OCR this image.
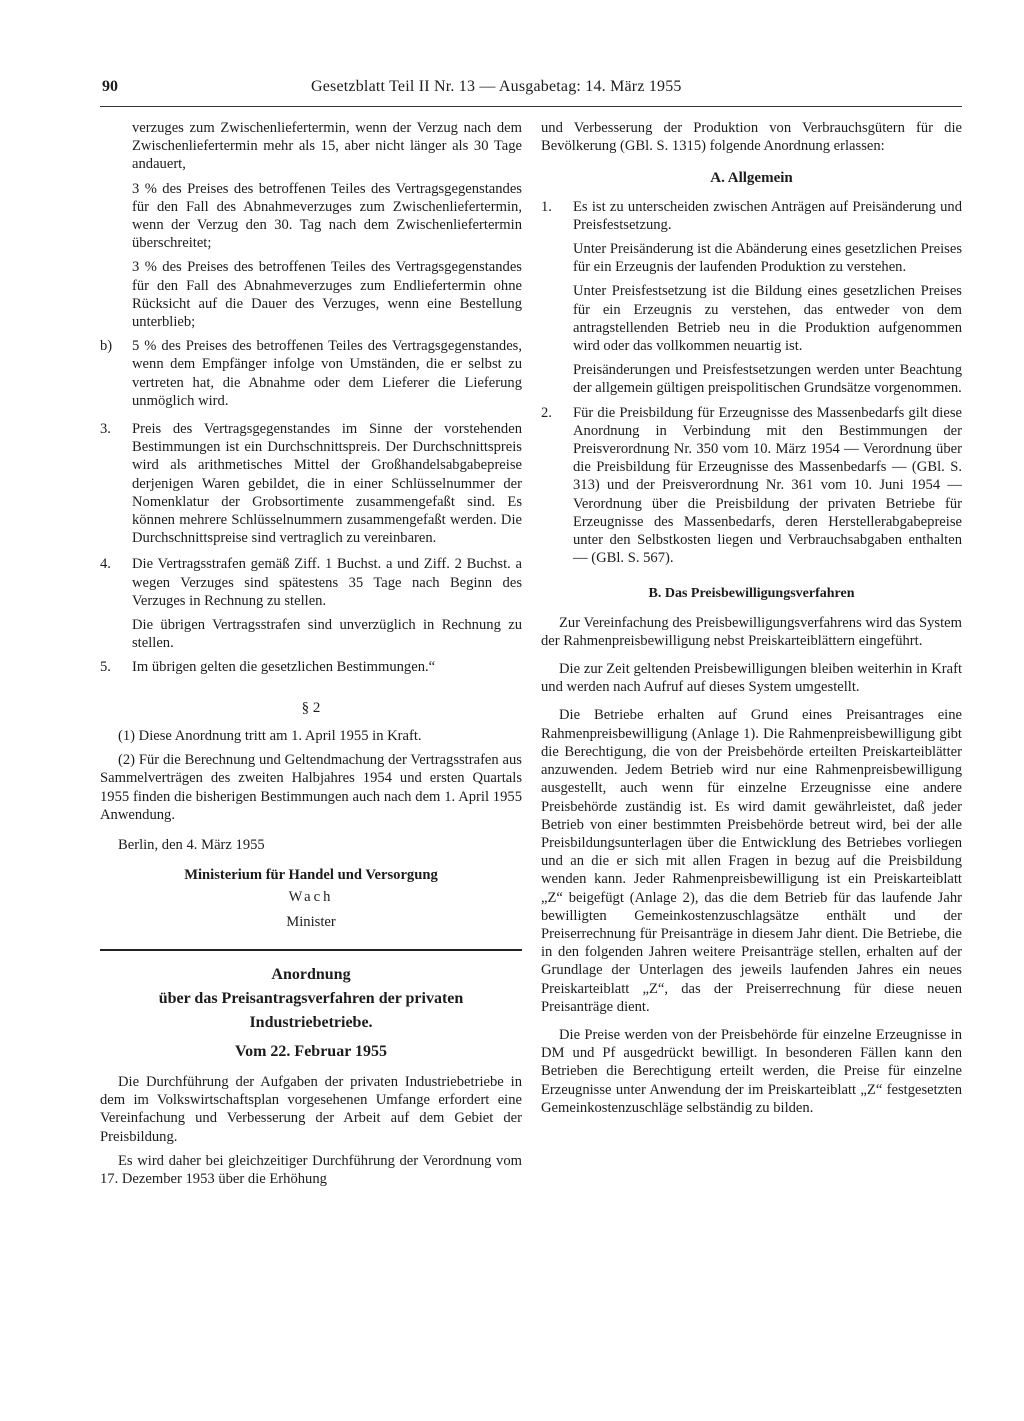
90	Gesetzblatt Teil II Nr. 13 — Ausgabetag: 14. März 1955

verzuges zum Zwischenliefertermin, wenn der Verzug nach dem Zwischenliefertermin mehr als 15, aber nicht länger als 30 Tage andauert,

3 % des Preises des betroffenen Teiles des Vertragsgegenstandes für den Fall des Abnahmeverzuges zum Zwischenliefertermin, wenn der Verzug den 30. Tag nach dem Zwischenliefertermin überschreitet;

3 % des Preises des betroffenen Teiles des Vertragsgegenstandes für den Fall des Abnahmeverzuges zum Endliefertermin ohne Rücksicht auf die Dauer des Verzuges, wenn eine Bestellung unterblieb;

b)	5 % des Preises des betroffenen Teiles des Vertragsgegenstandes, wenn dem Empfänger infolge von Umständen, die er selbst zu vertreten hat, die Abnahme oder dem Lieferer die Lieferung unmöglich wird.
3.	Preis des Vertragsgegenstandes im Sinne der vorstehenden Bestimmungen ist ein Durchschnittspreis. Der Durchschnittspreis wird als arithmetisches Mittel der Großhandelsabgabepreise derjenigen Waren gebildet, die in einer Schlüsselnummer der Nomenklatur der Grobsortimente zusammengefaßt sind. Es können mehrere Schlüsselnummern zusammengefaßt werden. Die Durchschnittspreise sind vertraglich zu vereinbaren.
4.	Die Vertragsstrafen gemäß Ziff. 1 Buchst. a und Ziff. 2 Buchst. a wegen Verzuges sind spätestens 35 Tage nach Beginn des Verzuges in Rechnung zu stellen.

Die übrigen Vertragsstrafen sind unverzüglich in Rechnung zu stellen.

5.	Im übrigen gelten die gesetzlichen Bestimmungen.“
§ 2

(1) Diese Anordnung tritt am 1. April 1955 in Kraft.

(2) Für die Berechnung und Geltendmachung der Vertragsstrafen aus Sammelverträgen des zweiten Halbjahres 1954 und ersten Quartals 1955 finden die bisherigen Bestimmungen auch nach dem 1. April 1955 Anwendung.

Berlin, den 4. März 1955

Ministerium für Handel und Versorgung

Wach

Minister

Anordnung
über das Preisantragsverfahren der privaten
Industriebetriebe.
Vom 22. Februar 1955

Die Durchführung der Aufgaben der privaten Industriebetriebe in dem im Volkswirtschaftsplan vorgesehenen Umfange erfordert eine Vereinfachung und Verbesserung der Arbeit auf dem Gebiet der Preisbildung.

Es wird daher bei gleichzeitiger Durchführung der Verordnung vom 17. Dezember 1953 über die Erhöhung

und Verbesserung der Produktion von Verbrauchsgütern für die Bevölkerung (GBl. S. 1315) folgende Anordnung erlassen:

A. Allgemein
1.	Es ist zu unterscheiden zwischen Anträgen auf Preisänderung und Preisfestsetzung.

Unter Preisänderung ist die Abänderung eines gesetzlichen Preises für ein Erzeugnis der laufenden Produktion zu verstehen.

Unter Preisfestsetzung ist die Bildung eines gesetzlichen Preises für ein Erzeugnis zu verstehen, das entweder von dem antragstellenden Betrieb neu in die Produktion aufgenommen wird oder das vollkommen neuartig ist.

Preisänderungen und Preisfestsetzungen werden unter Beachtung der allgemein gültigen preispolitischen Grundsätze vorgenommen.

2.	Für die Preisbildung für Erzeugnisse des Massenbedarfs gilt diese Anordnung in Verbindung mit den Bestimmungen der Preisverordnung Nr. 350 vom 10. März 1954 — Verordnung über die Preisbildung für Erzeugnisse des Massenbedarfs — (GBl. S. 313) und der Preisverordnung Nr. 361 vom 10. Juni 1954 — Verordnung über die Preisbildung der privaten Betriebe für Erzeugnisse des Massenbedarfs, deren Herstellerabgabepreise unter den Selbstkosten liegen und Verbrauchsabgaben enthalten — (GBl. S. 567).
B. Das Preisbewilligungsverfahren

Zur Vereinfachung des Preisbewilligungsverfahrens wird das System der Rahmenpreisbewilligung nebst Preiskarteiblättern eingeführt.

Die zur Zeit geltenden Preisbewilligungen bleiben weiterhin in Kraft und werden nach Aufruf auf dieses System umgestellt.

Die Betriebe erhalten auf Grund eines Preisantrages eine Rahmenpreisbewilligung (Anlage 1). Die Rahmenpreisbewilligung gibt die Berechtigung, die von der Preisbehörde erteilten Preiskarteiblätter anzuwenden. Jedem Betrieb wird nur eine Rahmenpreisbewilligung ausgestellt, auch wenn für einzelne Erzeugnisse eine andere Preisbehörde zuständig ist. Es wird damit gewährleistet, daß jeder Betrieb von einer bestimmten Preisbehörde betreut wird, bei der alle Preisbildungsunterlagen über die Entwicklung des Betriebes vorliegen und an die er sich mit allen Fragen in bezug auf die Preisbildung wenden kann. Jeder Rahmenpreisbewilligung ist ein Preiskarteiblatt „Z“ beigefügt (Anlage 2), das die dem Betrieb für das laufende Jahr bewilligten Gemeinkostenzuschlagsätze enthält und der Preiserrechnung für Preisanträge in diesem Jahr dient. Die Betriebe, die in den folgenden Jahren weitere Preisanträge stellen, erhalten auf der Grundlage der Unterlagen des jeweils laufenden Jahres ein neues Preiskarteiblatt „Z“, das der Preiserrechnung für diese neuen Preisanträge dient.

Die Preise werden von der Preisbehörde für einzelne Erzeugnisse in DM und Pf ausgedrückt bewilligt. In besonderen Fällen kann den Betrieben die Berechtigung erteilt werden, die Preise für einzelne Erzeugnisse unter Anwendung der im Preiskarteiblatt „Z“ festgesetzten Gemeinkostenzuschläge selbständig zu bilden.
